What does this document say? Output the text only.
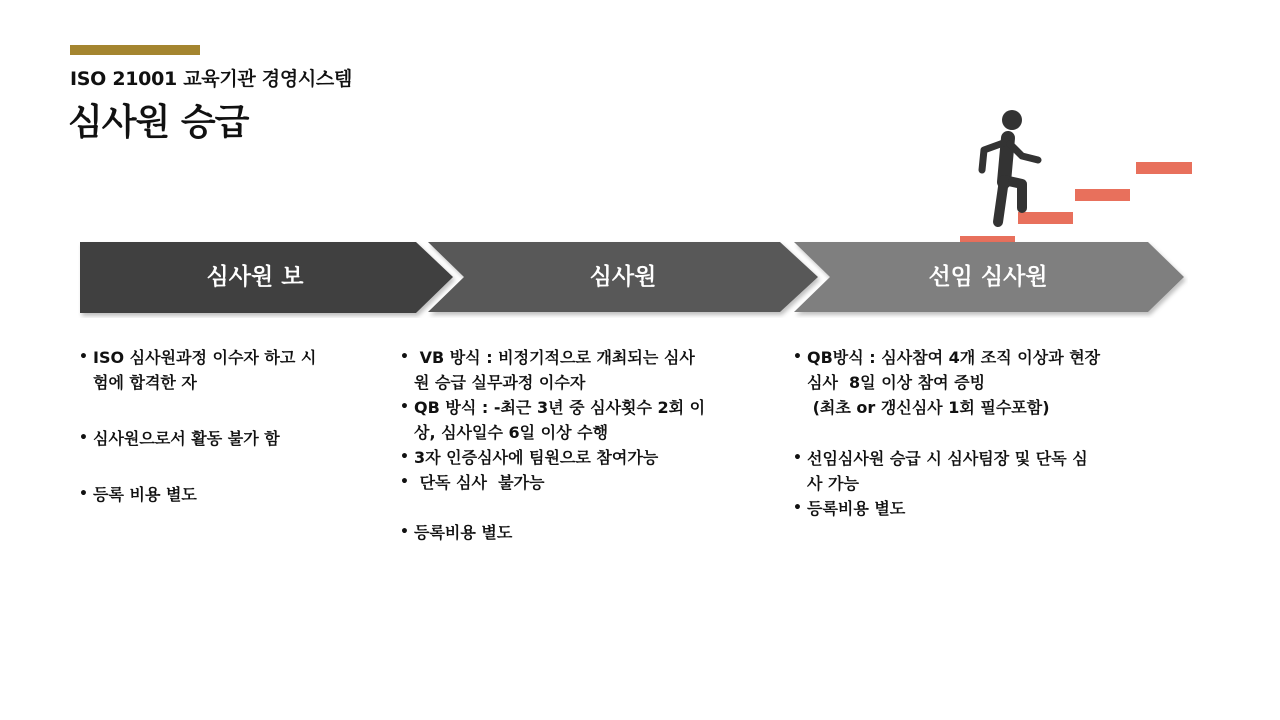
ISO 21001 교육기관 경영시스템
심사원 승급
심사원 보	심사원	선임 심사원
• ISO 심사원과정 이수자 하고 시
험에 합격한 자
• 심사원으로서 활동 불가 함
• 등록 비용 별도
•  VB 방식 : 비정기적으로 개최되는 심사
원 승급 실무과정 이수자
• QB 방식 : -최근 3년 중 심사횟수 2회 이
상, 심사일수 6일 이상 수행
• 3자 인증심사에 팀원으로 참여가능
•  단독 심사  불가능
• 등록비용 별도
• QB방식 : 심사참여 4개 조직 이상과 현장
심사  8일 이상 참여 증빙
(최초 or 갱신심사 1회 필수포함)
• 선임심사원 승급 시 심사팀장 및 단독 심
사 가능
• 등록비용 별도
